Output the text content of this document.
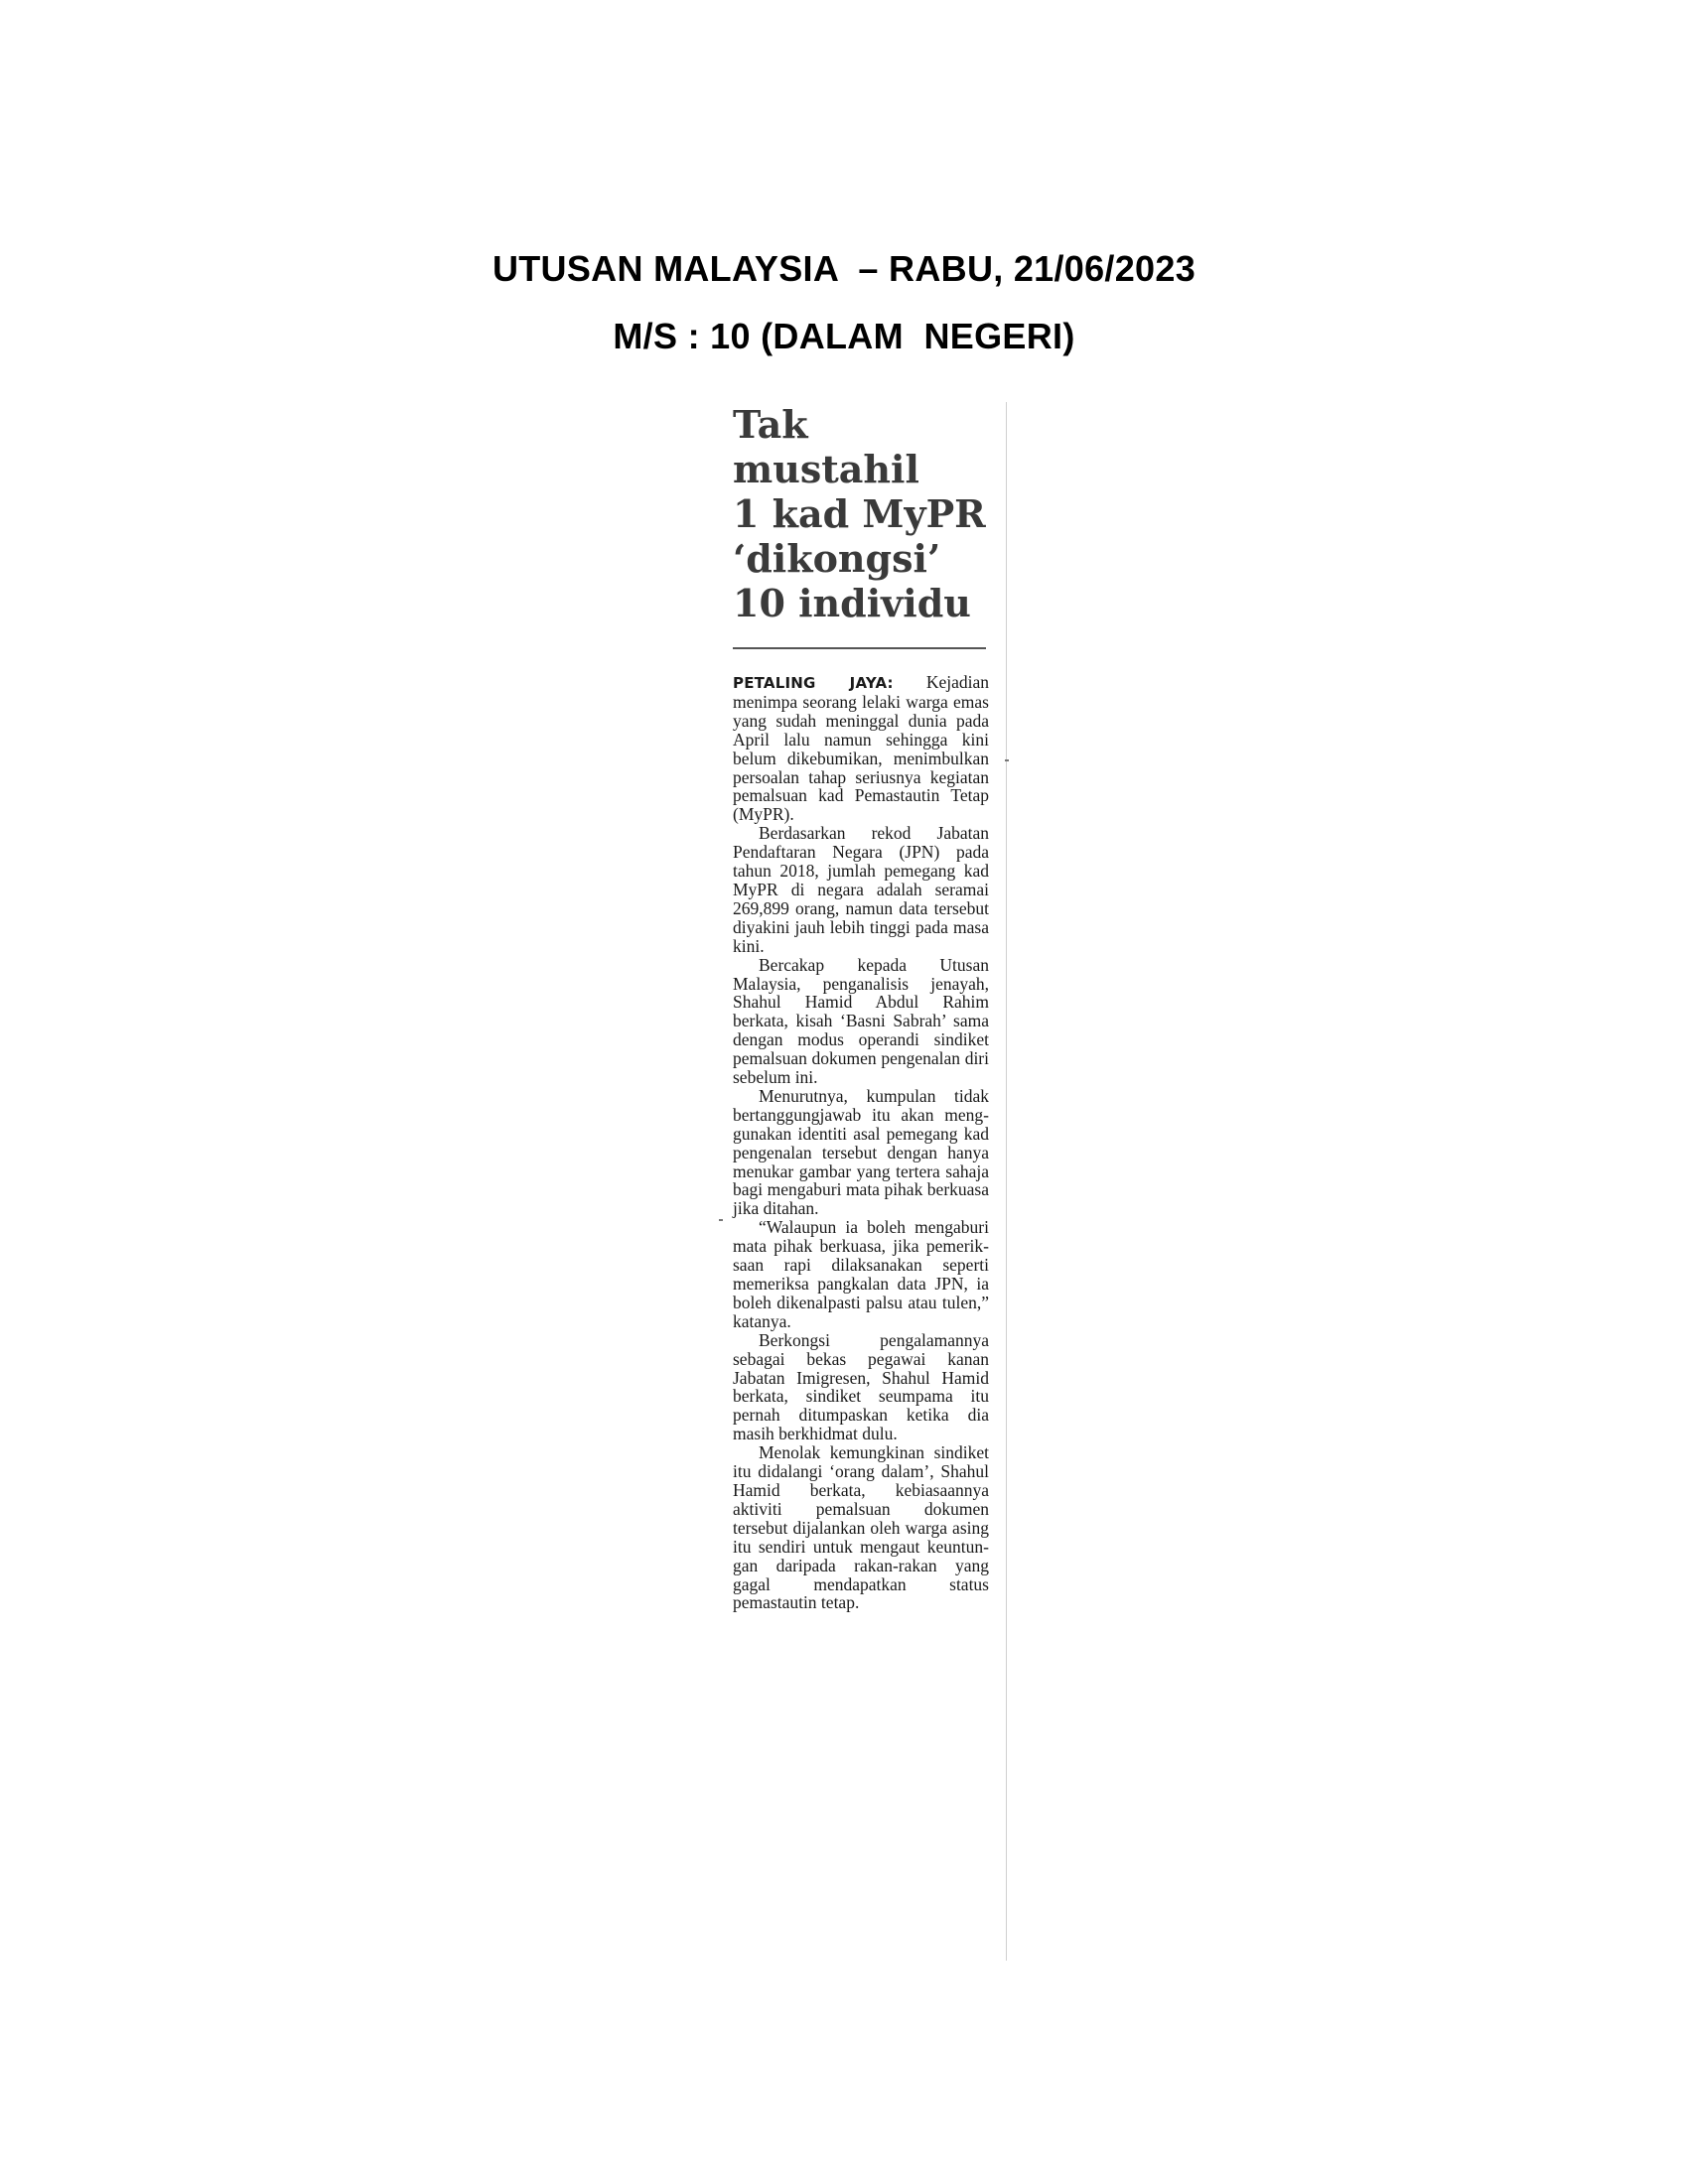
UTUSAN MALAYSIA  – RABU, 21/06/2023
M/S : 10 (DALAM  NEGERI)
Tak
mustahil
1 kad MyPR
‘dikongsi’
10 individu

PETALING JAYA: Kejadian menimpa seorang lelaki warga emas yang sudah meninggal dunia pada April lalu namun sehingga kini belum dikebumikan, menimbulkan persoalan tahap seriusnya kegiatan pemalsuan kad Pemastautin Tetap (MyPR).

Berdasarkan rekod Jabatan Pendaftaran Negara (JPN) pada tahun 2018, jumlah pemegang kad MyPR di negara adalah seramai 269,899 orang, namun data tersebut diyakini jauh lebih tinggi pada masa kini.

Bercakap kepada Utusan Malaysia, penganalisis jenayah, Shahul Hamid Abdul Rahim berkata, kisah ‘Basni Sabrah’ sama dengan modus operandi sindiket pemalsuan dokumen pengenalan diri sebelum ini.

Menurutnya, kumpulan tidak bertanggungjawab itu akan menggunakan identiti asal pemegang kad pengenalan tersebut dengan hanya menukar gambar yang tertera sahaja bagi mengaburi mata pihak berkuasa jika ditahan.

“Walaupun ia boleh mengaburi mata pihak berkuasa, jika pemeriksaan rapi dilaksanakan seperti memeriksa pangkalan data JPN, ia boleh dikenalpasti palsu atau tulen,” katanya.

Berkongsi pengalamannya sebagai bekas pegawai kanan Jabatan Imigresen, Shahul Hamid berkata, sindiket seumpama itu pernah ditumpaskan ketika dia masih berkhidmat dulu.

Menolak kemungkinan sindiket itu didalangi ‘orang dalam’, Shahul Hamid berkata, kebiasaannya aktiviti pemalsuan dokumen tersebut dijalankan oleh warga asing itu sendiri untuk mengaut keuntungan daripada rakan-rakan yang gagal mendapatkan status pemastautin tetap.
